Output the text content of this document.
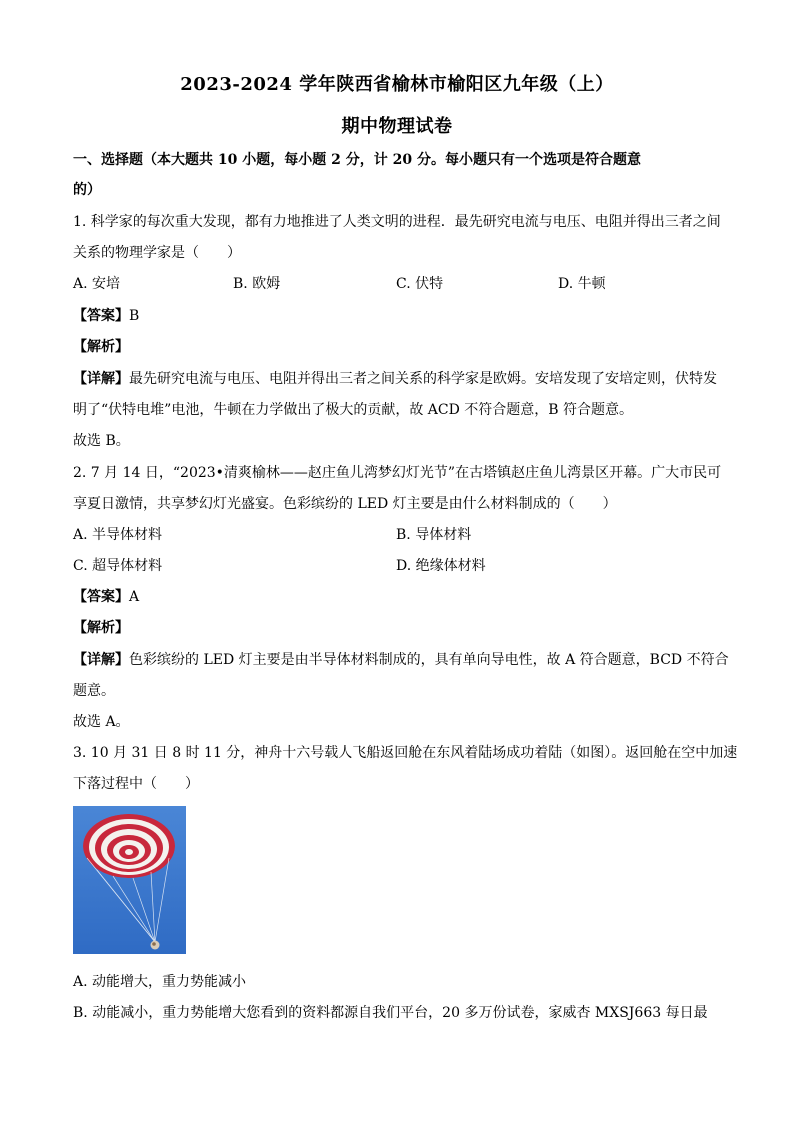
2023-2024 学年陕西省榆林市榆阳区九年级（上）
期中物理试卷
一、选择题（本大题共 10 小题，每小题 2 分，计 20 分。每小题只有一个选项是符合题意
的）
1. 科学家的每次重大发现，都有力地推进了人类文明的进程．最先研究电流与电压、电阻并得出三者之间
关系的物理学家是（　　）
A. 安培	B. 欧姆	C. 伏特	D. 牛顿
【答案】B
【解析】
【详解】最先研究电流与电压、电阻并得出三者之间关系的科学家是欧姆。安培发现了安培定则，伏特发
明了“伏特电堆”电池，牛顿在力学做出了极大的贡献，故 ACD 不符合题意，B 符合题意。
故选 B。
2. 7 月 14 日，“2023•清爽榆林——赵庄鱼儿湾梦幻灯光节”在古塔镇赵庄鱼儿湾景区开幕。广大市民可
享夏日激情，共享梦幻灯光盛宴。色彩缤纷的 LED 灯主要是由什么材料制成的（　　）
A. 半导体材料	B. 导体材料
C. 超导体材料	D. 绝缘体材料
【答案】A
【解析】
【详解】色彩缤纷的 LED 灯主要是由半导体材料制成的，具有单向导电性，故 A 符合题意，BCD 不符合
题意。
故选 A。
3. 10 月 31 日 8 时 11 分，神舟十六号载人飞船返回舱在东风着陆场成功着陆（如图）。返回舱在空中加速
下落过程中（　　）
A. 动能增大，重力势能减小
B. 动能减小，重力势能增大您看到的资料都源自我们平台，20 多万份试卷，家威杏 MXSJ663 每日最
